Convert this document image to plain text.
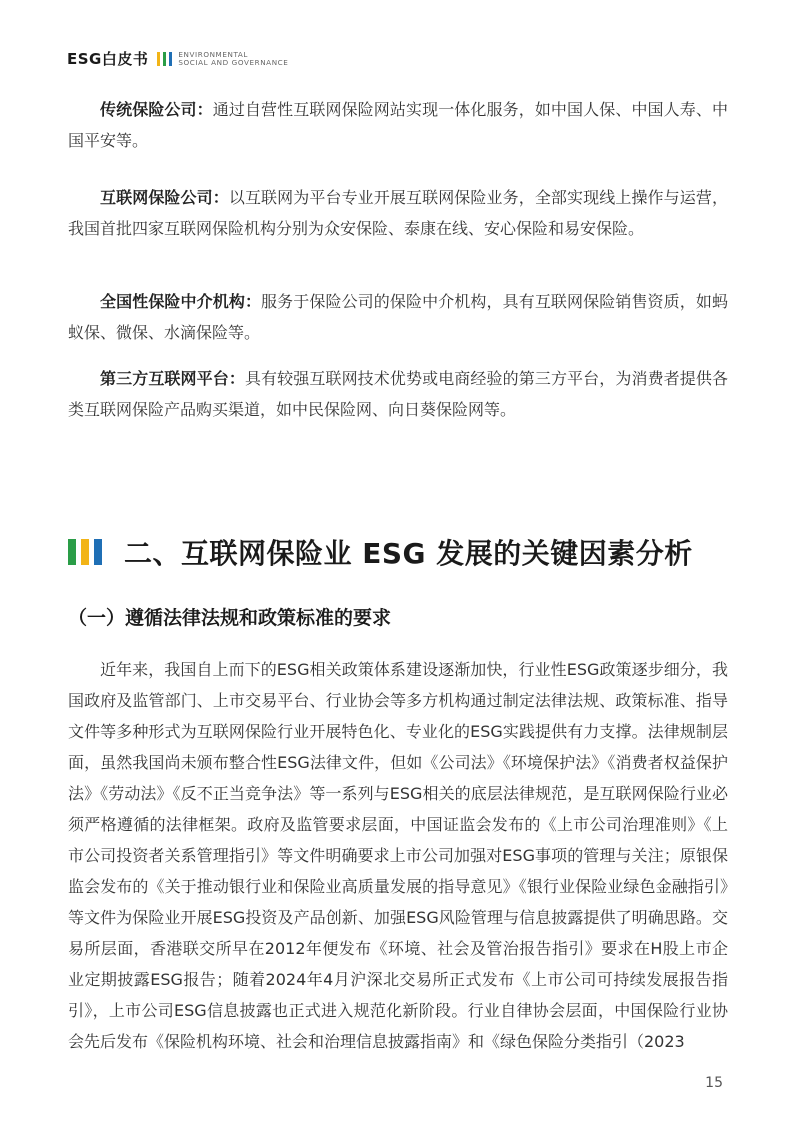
ESG白皮书	ENVIRONMENTAL
SOCIAL AND GOVERNANCE

传统保险公司：通过自营性互联网保险网站实现一体化服务，如中国人保、中国人寿、中国平安等。

互联网保险公司：以互联网为平台专业开展互联网保险业务，全部实现线上操作与运营，我国首批四家互联网保险机构分别为众安保险、泰康在线、安心保险和易安保险。

全国性保险中介机构：服务于保险公司的保险中介机构，具有互联网保险销售资质，如蚂蚁保、微保、水滴保险等。

第三方互联网平台：具有较强互联网技术优势或电商经验的第三方平台，为消费者提供各类互联网保险产品购买渠道，如中民保险网、向日葵保险网等。

二、互联网保险业 ESG 发展的关键因素分析
（一）遵循法律法规和政策标准的要求

近年来，我国自上而下的ESG相关政策体系建设逐渐加快，行业性ESG政策逐步细分，我国政府及监管部门、上市交易平台、行业协会等多方机构通过制定法律法规、政策标准、指导文件等多种形式为互联网保险行业开展特色化、专业化的ESG实践提供有力支撑。法律规制层面，虽然我国尚未颁布整合性ESG法律文件，但如《公司法》《环境保护法》《消费者权益保护法》《劳动法》《反不正当竞争法》等一系列与ESG相关的底层法律规范，是互联网保险行业必须严格遵循的法律框架。政府及监管要求层面，中国证监会发布的《上市公司治理准则》《上市公司投资者关系管理指引》等文件明确要求上市公司加强对ESG事项的管理与关注；原银保监会发布的《关于推动银行业和保险业高质量发展的指导意见》《银行业保险业绿色金融指引》等文件为保险业开展ESG投资及产品创新、加强ESG风险管理与信息披露提供了明确思路。交易所层面，香港联交所早在2012年便发布《环境、社会及管治报告指引》要求在H股上市企业定期披露ESG报告；随着2024年4月沪深北交易所正式发布《上市公司可持续发展报告指引》，上市公司ESG信息披露也正式进入规范化新阶段。行业自律协会层面，中国保险行业协会先后发布《保险机构环境、社会和治理信息披露指南》和《绿色保险分类指引（2023

15
